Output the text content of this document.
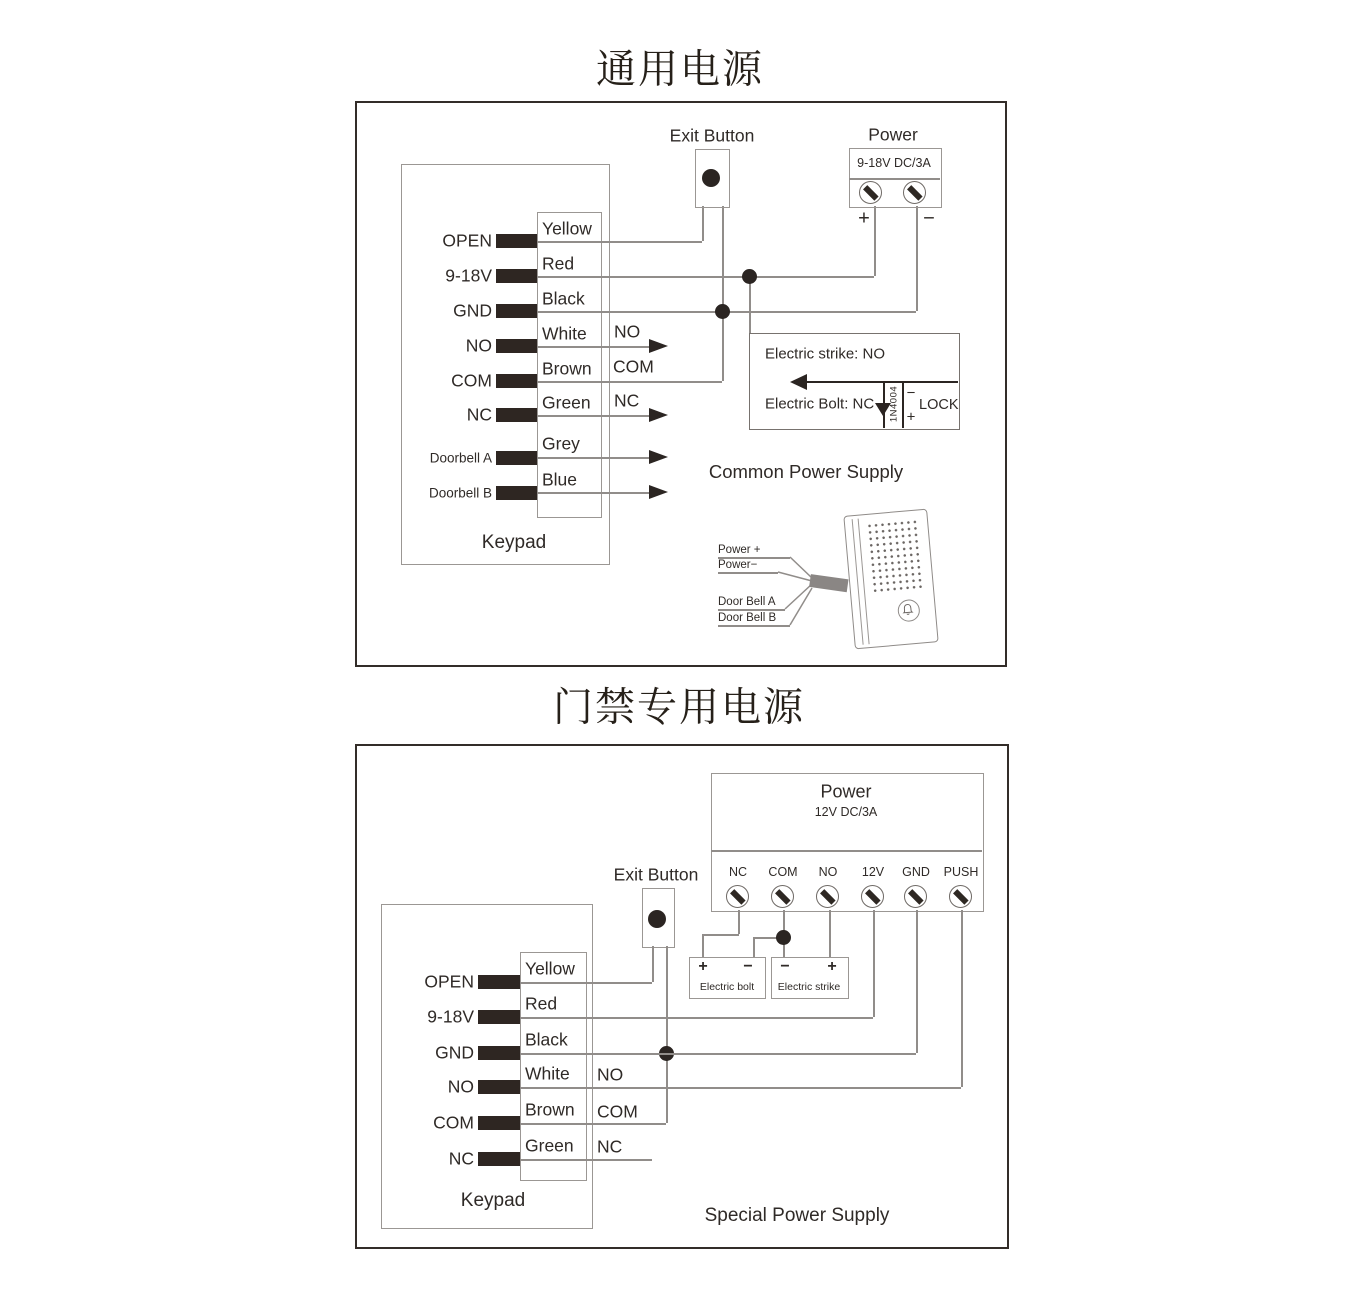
通用电源
Keypad
OPEN
Yellow
9-18V
Red
GND
Black
NO
White
COM
Brown
NC
Green
Doorbell A
Grey
Doorbell B
Blue
NO
COM
NC
Exit Button	Power
9-18V DC/3A
+	−
Electric strike: NO
Electric Bolt: NC 1N4004 −
+
LOCK
Common Power Supply
Power +
Power−
Door Bell A
Door Bell B
门禁专用电源
Power
12V DC/3A
NC COM NO 12V GND PUSH
+ −
Electric bolt
− +
Electric strike
Exit Button
Keypad
OPEN
Yellow
9-18V
Red
GND
Black
NO
White
COM
Brown
NC
Green
NO
COM
NC
Special Power Supply
